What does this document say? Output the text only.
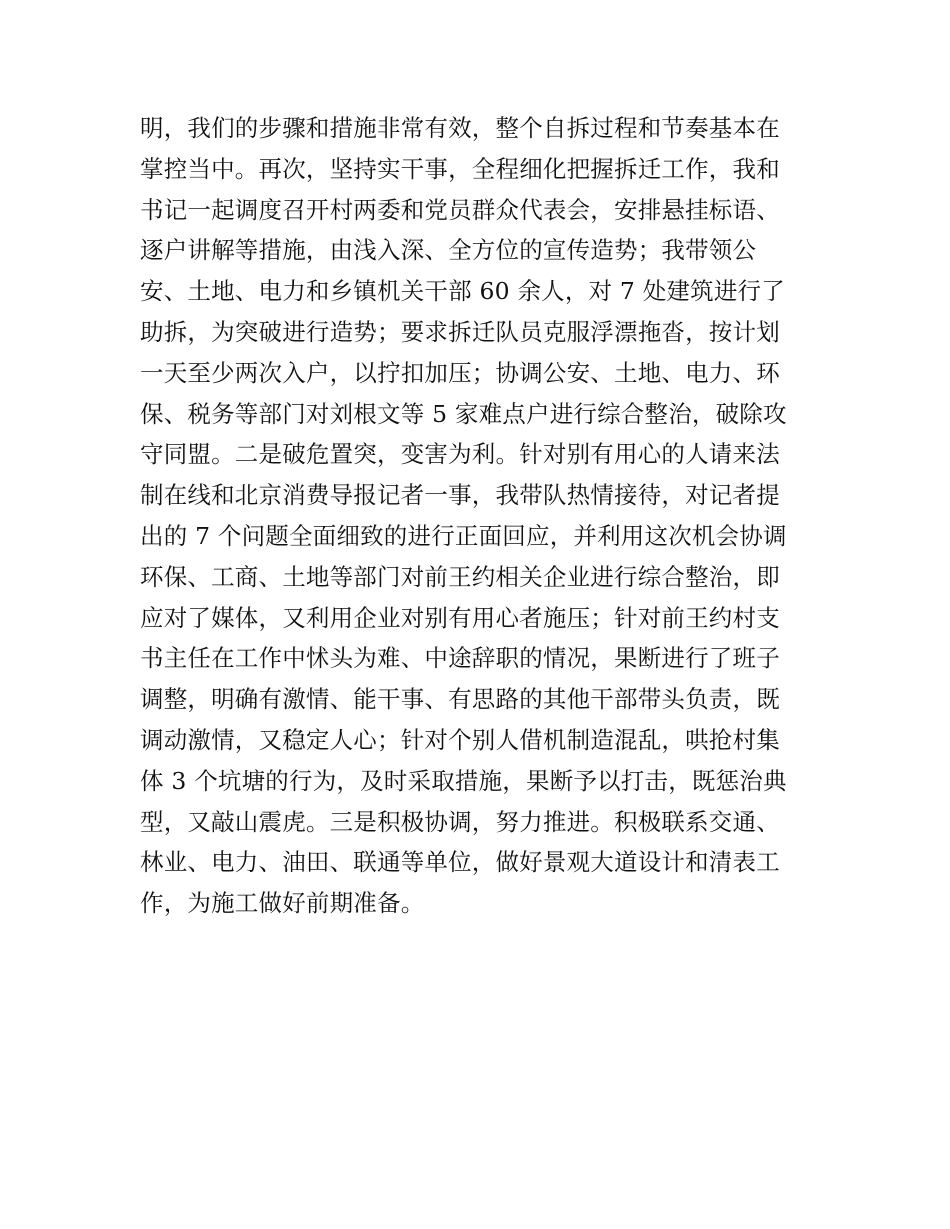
明，我们的步骤和措施非常有效，整个自拆过程和节奏基本在
掌控当中。再次，坚持实干事，全程细化把握拆迁工作，我和
书记一起调度召开村两委和党员群众代表会，安排悬挂标语、
逐户讲解等措施，由浅入深、全方位的宣传造势；我带领公
安、土地、电力和乡镇机关干部 60 余人，对 7 处建筑进行了
助拆，为突破进行造势；要求拆迁队员克服浮漂拖沓，按计划
一天至少两次入户，以拧扣加压；协调公安、土地、电力、环
保、税务等部门对刘根文等 5 家难点户进行综合整治，破除攻
守同盟。二是破危置突，变害为利。针对别有用心的人请来法
制在线和北京消费导报记者一事，我带队热情接待，对记者提
出的 7 个问题全面细致的进行正面回应，并利用这次机会协调
环保、工商、土地等部门对前王约相关企业进行综合整治，即
应对了媒体，又利用企业对别有用心者施压；针对前王约村支
书主任在工作中怵头为难、中途辞职的情况，果断进行了班子
调整，明确有激情、能干事、有思路的其他干部带头负责，既
调动激情，又稳定人心；针对个别人借机制造混乱，哄抢村集
体 3 个坑塘的行为，及时采取措施，果断予以打击，既惩治典
型，又敲山震虎。三是积极协调，努力推进。积极联系交通、
林业、电力、油田、联通等单位，做好景观大道设计和清表工
作，为施工做好前期准备。
